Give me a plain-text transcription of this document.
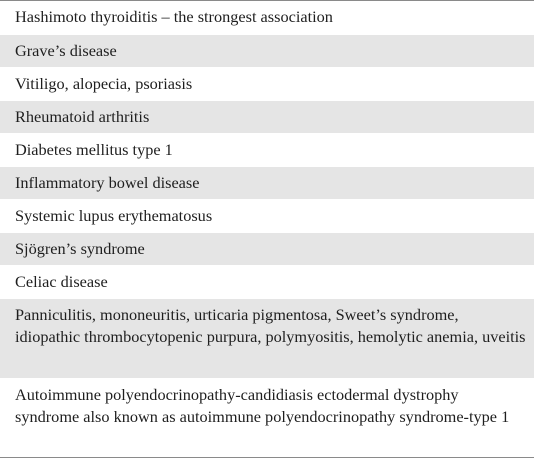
Hashimoto thyroiditis – the strongest association
Grave’s disease
Vitiligo, alopecia, psoriasis
Rheumatoid arthritis
Diabetes mellitus type 1
Inflammatory bowel disease
Systemic lupus erythematosus
Sjögren’s syndrome
Celiac disease
Panniculitis, mononeuritis, urticaria pigmentosa, Sweet’s syndrome, idiopathic thrombocytopenic purpura, polymyositis, hemolytic anemia, uveitis
Autoimmune polyendocrinopathy-candidiasis ectodermal dystrophy syndrome also known as autoimmune polyendocrinopathy syndrome-type 1
